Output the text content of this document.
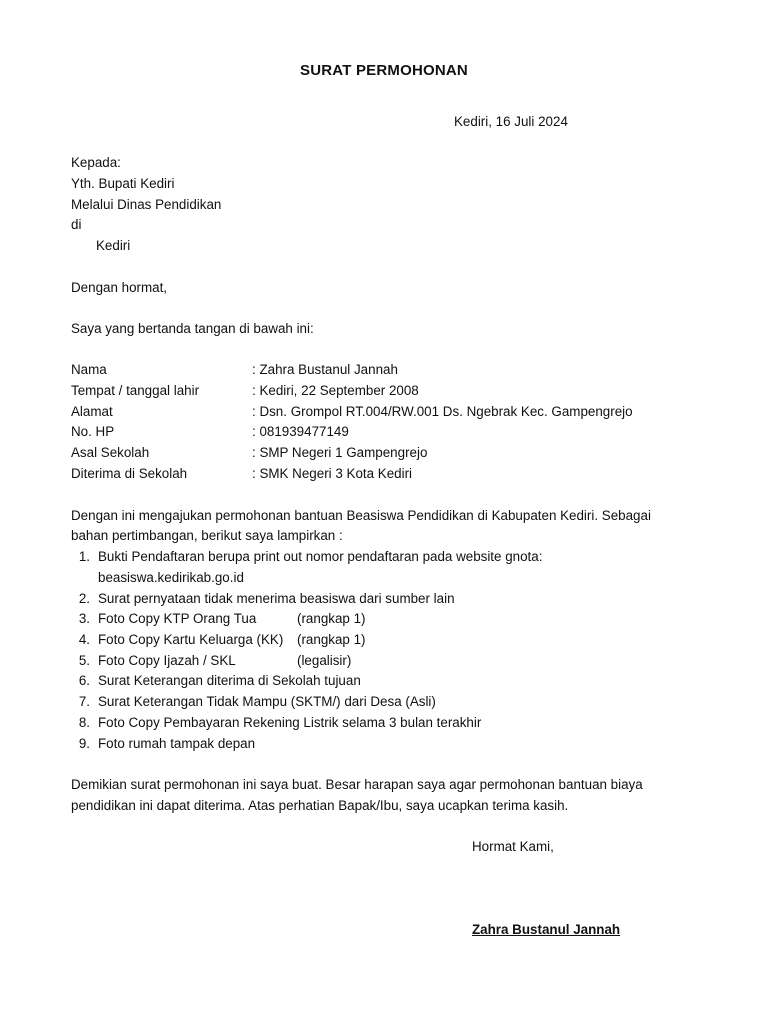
SURAT PERMOHONAN
Kediri, 16 Juli 2024
Kepada:
Yth. Bupati Kediri
Melalui Dinas Pendidikan
di
Kediri
Dengan hormat,
Saya yang bertanda tangan di bawah ini:
Nama	: Zahra Bustanul Jannah
Tempat / tanggal lahir	: Kediri, 22 September 2008
Alamat	: Dsn. Grompol RT.004/RW.001 Ds. Ngebrak Kec. Gampengrejo
No. HP	: 081939477149
Asal Sekolah	: SMP Negeri 1 Gampengrejo
Diterima di Sekolah	: SMK Negeri 3 Kota Kediri
Dengan ini mengajukan permohonan bantuan Beasiswa Pendidikan di Kabupaten Kediri. Sebagai
bahan pertimbangan, berikut saya lampirkan :
1. Bukti Pendaftaran berupa print out nomor pendaftaran pada website gnota:
beasiswa.kedirikab.go.id
2. Surat pernyataan tidak menerima beasiswa dari sumber lain
3. Foto Copy KTP Orang Tua	(rangkap 1)
4. Foto Copy Kartu Keluarga (KK) (rangkap 1)
5. Foto Copy Ijazah / SKL	(legalisir)
6. Surat Keterangan diterima di Sekolah tujuan
7. Surat Keterangan Tidak Mampu (SKTM/) dari Desa (Asli)
8. Foto Copy Pembayaran Rekening Listrik selama 3 bulan terakhir
9. Foto rumah tampak depan
Demikian surat permohonan ini saya buat. Besar harapan saya agar permohonan bantuan biaya
pendidikan ini dapat diterima. Atas perhatian Bapak/Ibu, saya ucapkan terima kasih.
Hormat Kami,
Zahra Bustanul Jannah
